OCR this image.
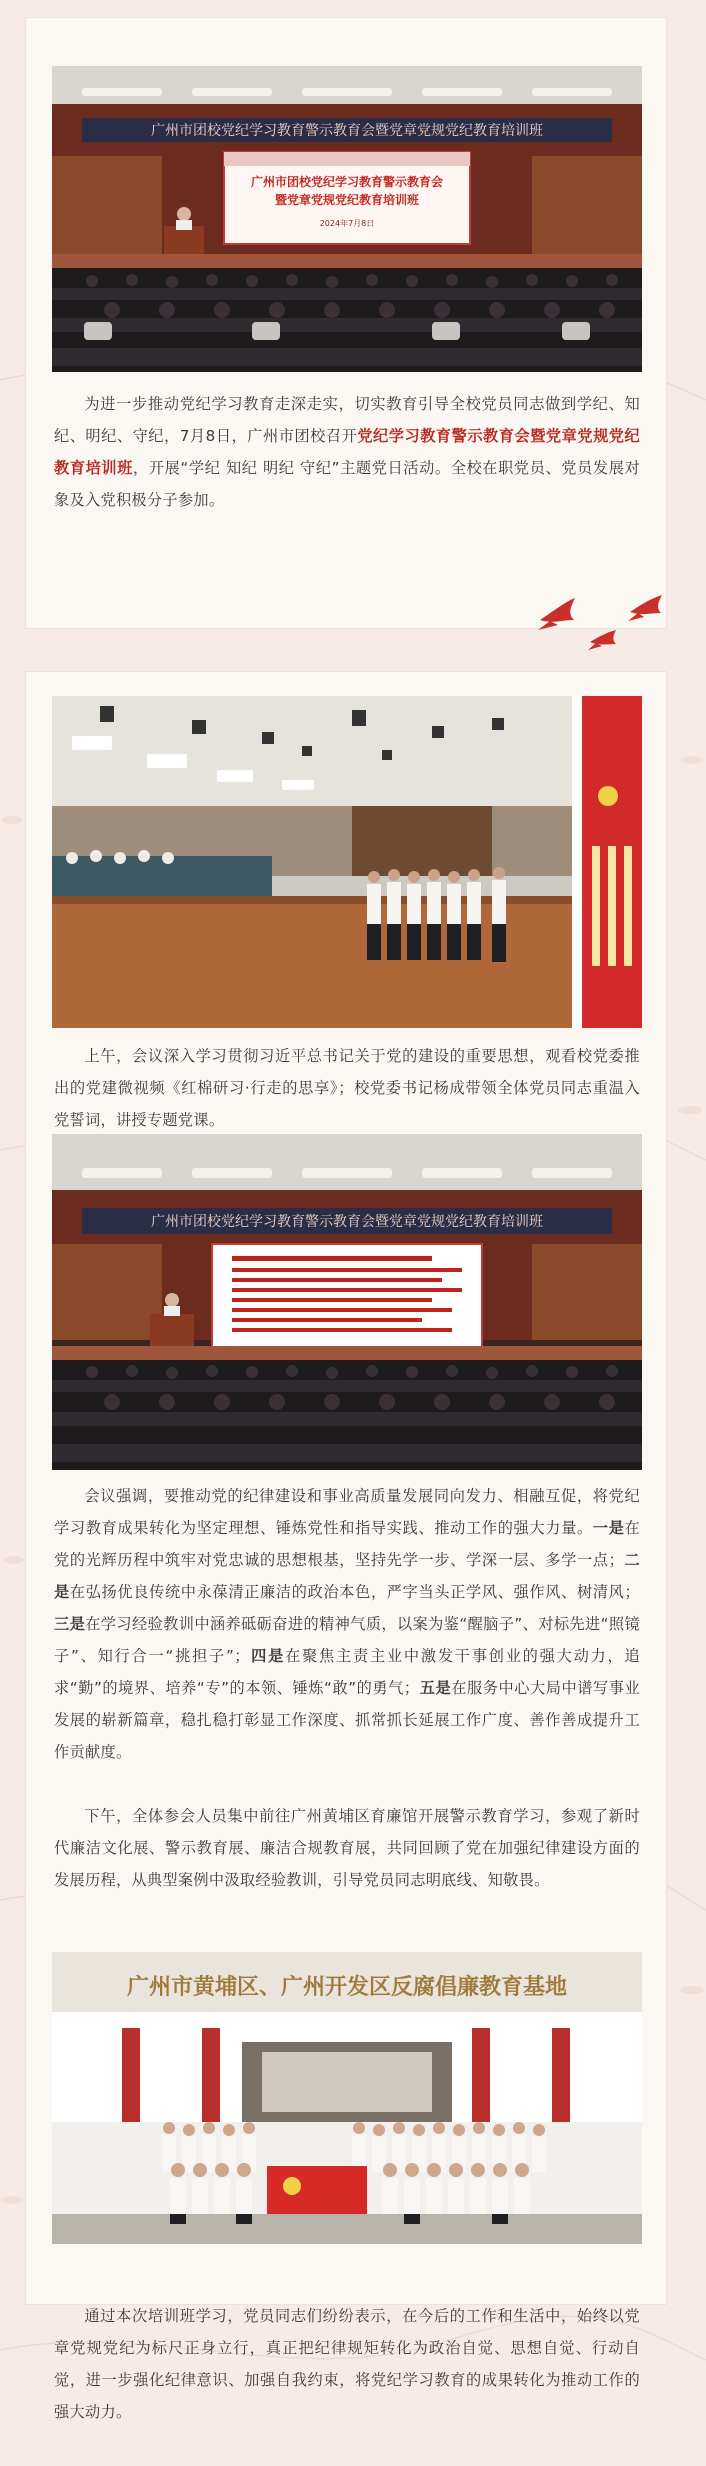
广州市团校党纪学习教育警示教育会暨党章党规党纪教育培训班
广州市团校党纪学习教育警示教育会
暨党章党规党纪教育培训班
2024年7月8日

为进一步推动党纪学习教育走深走实，切实教育引导全校党员同志做到学纪、知纪、明纪、守纪，7月8日，广州市团校召开党纪学习教育警示教育会暨党章党规党纪教育培训班，开展“学纪 知纪 明纪 守纪”主题党日活动。全校在职党员、党员发展对象及入党积极分子参加。

上午，会议深入学习贯彻习近平总书记关于党的建设的重要思想，观看校党委推出的党建微视频《红棉研习·行走的思享》；校党委书记杨成带领全体党员同志重温入党誓词，讲授专题党课。

广州市团校党纪学习教育警示教育会暨党章党规党纪教育培训班

会议强调，要推动党的纪律建设和事业高质量发展同向发力、相融互促，将党纪学习教育成果转化为坚定理想、锤炼党性和指导实践、推动工作的强大力量。一是在党的光辉历程中筑牢对党忠诚的思想根基，坚持先学一步、学深一层、多学一点；二是在弘扬优良传统中永葆清正廉洁的政治本色，严字当头正学风、强作风、树清风；三是在学习经验教训中涵养砥砺奋进的精神气质，以案为鉴“醒脑子”、对标先进“照镜子”、知行合一“挑担子”；四是在聚焦主责主业中激发干事创业的强大动力，追求“勤”的境界、培养“专”的本领、锤炼“敢”的勇气；五是在服务中心大局中谱写事业发展的崭新篇章，稳扎稳打彰显工作深度、抓常抓长延展工作广度、善作善成提升工作贡献度。

下午，全体参会人员集中前往广州黄埔区育廉馆开展警示教育学习，参观了新时代廉洁文化展、警示教育展、廉洁合规教育展，共同回顾了党在加强纪律建设方面的发展历程，从典型案例中汲取经验教训，引导党员同志明底线、知敬畏。

广州市黄埔区、广州开发区反腐倡廉教育基地

通过本次培训班学习，党员同志们纷纷表示，在今后的工作和生活中，始终以党章党规党纪为标尺正身立行，真正把纪律规矩转化为政治自觉、思想自觉、行动自觉，进一步强化纪律意识、加强自我约束，将党纪学习教育的成果转化为推动工作的强大动力。
